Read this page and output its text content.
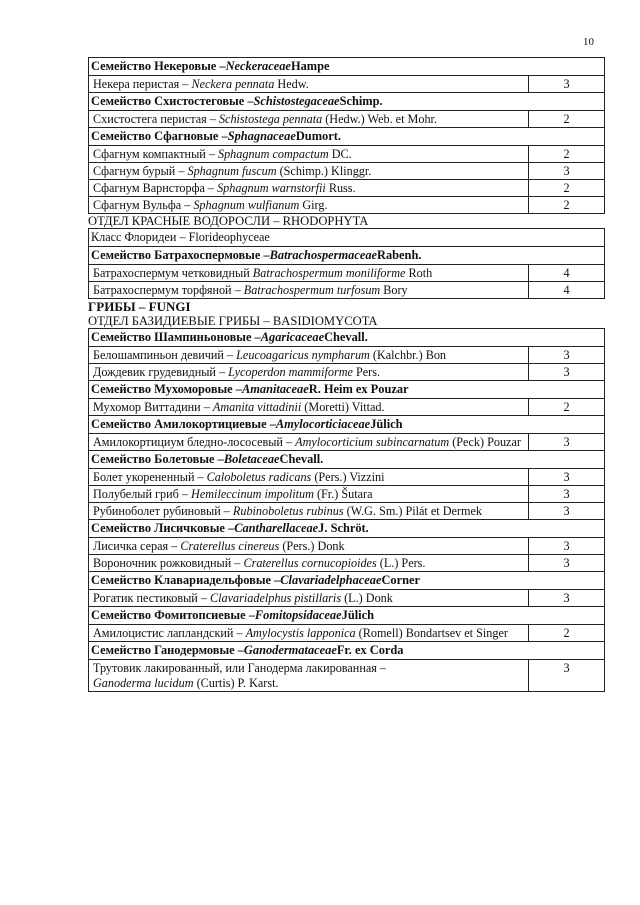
10
Семейство Некеровые – Neckeraceae Hampe
Некера перистая – Neckera pennata Hedw.	3
Семейство Схистостеговые – Schistostegaceae Schimp.
Схистостега перистая – Schistostega pennata (Hedw.) Web. et Mohr.	2
Семейство Сфагновые – Sphagnaceae Dumort.
Сфагнум компактный – Sphagnum compactum DC.	2
Сфагнум бурый – Sphagnum fuscum (Schimp.) Klinggr.	3
Сфагнум Варнсторфа – Sphagnum warnstorfii Russ.	2
Сфагнум Вульфа – Sphagnum wulfianum Girg.	2
ОТДЕЛ КРАСНЫЕ ВОДОРОСЛИ – RHODOPHYTA
Класс Флоридеи – Florideophyceae
Семейство Батрахоспермовые – Batrachospermaceae Rabenh.
Батрахоспермум четковидный Batrachospermum moniliforme Roth	4
Батрахоспермум торфяной – Batrachospermum turfosum Bory	4
ГРИБЫ – FUNGI
ОТДЕЛ БАЗИДИЕВЫЕ ГРИБЫ – BASIDIOMYCOTA
Семейство Шампиньоновые – Agaricaceae Chevall.
Белошампиньон девичий – Leucoagaricus nympharum (Kalchbr.) Bon	3
Дождевик грудевидный – Lycoperdon mammiforme Pers.	3
Семейство Мухоморовые – Amanitaceae R. Heim ex Pouzar
Мухомор Виттадини – Amanita vittadinii (Moretti) Vittad.	2
Семейство Амилокортициевые – Amylocorticiaceae Jülich
Амилокортициум бледно-лососевый – Amylocorticium subincarnatum (Peck) Pouzar	3
Семейство Болетовые – Boletaceae Chevall.
Болет укорененный – Caloboletus radicans (Pers.) Vizzini	3
Полубелый гриб – Hemileccinum impolitum (Fr.) Šutara	3
Рубиноболет рубиновый – Rubinoboletus rubinus (W.G. Sm.) Pilát et Dermek	3
Семейство Лисичковые – Cantharellaceae J. Schröt.
Лисичка серая – Craterellus cinereus (Pers.) Donk	3
Вороночник рожковидный – Craterellus cornucopioides (L.) Pers.	3
Семейство Клавариадельфовые – Clavariadelphaceae Corner
Рогатик пестиковый – Clavariadelphus pistillaris (L.) Donk	3
Семейство Фомитопсиевые – Fomitopsidaceae Jülich
Амилоцистис лапландский – Amylocystis lapponica (Romell) Bondartsev et Singer	2
Семейство Ганодермовые – Ganodermataceae Fr. ex Corda
Трутовик лакированный, или Ганодерма лакированная –
Ganoderma lucidum (Curtis) P. Karst.
3
